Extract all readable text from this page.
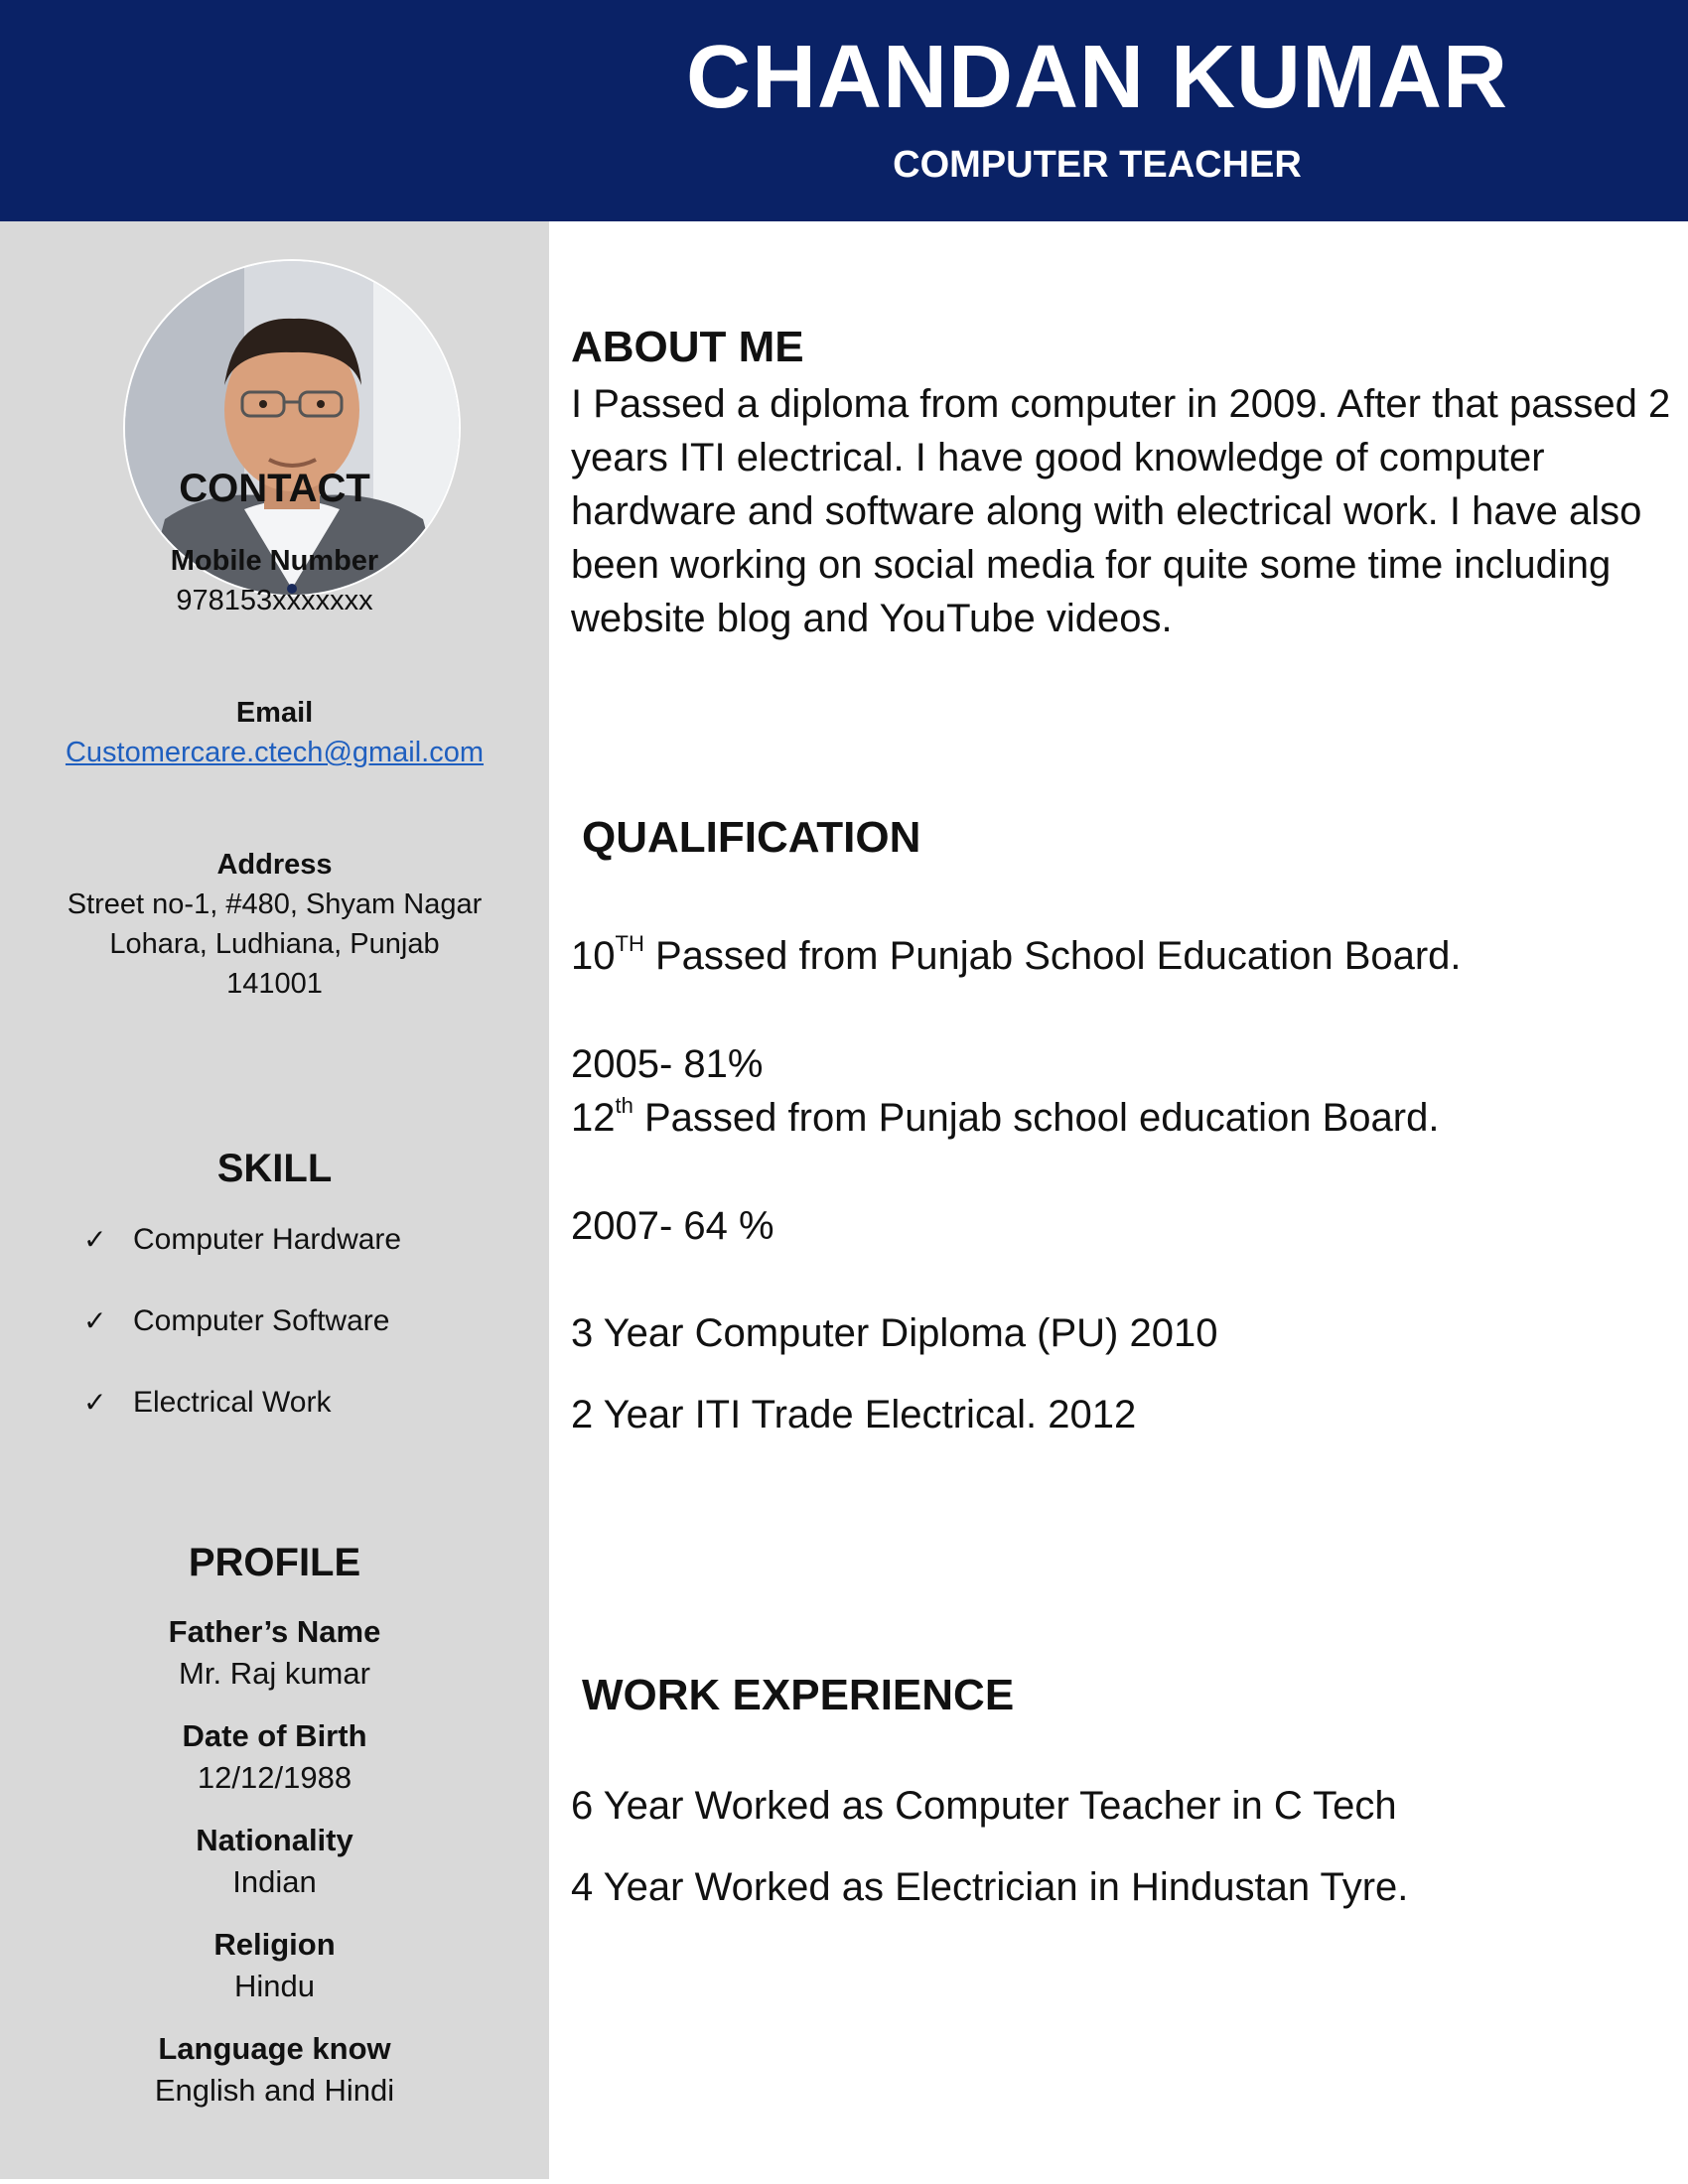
CHANDAN KUMAR
COMPUTER TEACHER
CONTACT
Mobile Number
978153xxxxxxx
Email
Customercare.ctech@gmail.com
Address
Street no-1, #480, Shyam Nagar
Lohara, Ludhiana, Punjab
141001
SKILL
✓ Computer Hardware
✓ Computer Software
✓ Electrical Work
PROFILE
Father’s Name
Mr. Raj kumar
Date of Birth
12/12/1988
Nationality
Indian
Religion
Hindu
Language know
English and Hindi
ABOUT ME
I Passed a diploma from computer in 2009. After that passed 2 years ITI electrical. I have good knowledge of computer hardware and software along with electrical work. I have also been working on social media for quite some time including website blog and YouTube videos.
QUALIFICATION
10TH Passed from Punjab School Education Board.
2005- 81%
12th Passed from Punjab school education Board.
2007- 64 %
3 Year Computer Diploma (PU) 2010
2 Year ITI Trade Electrical. 2012
WORK EXPERIENCE
6 Year Worked as Computer Teacher in C Tech
4 Year Worked as Electrician in Hindustan Tyre.
